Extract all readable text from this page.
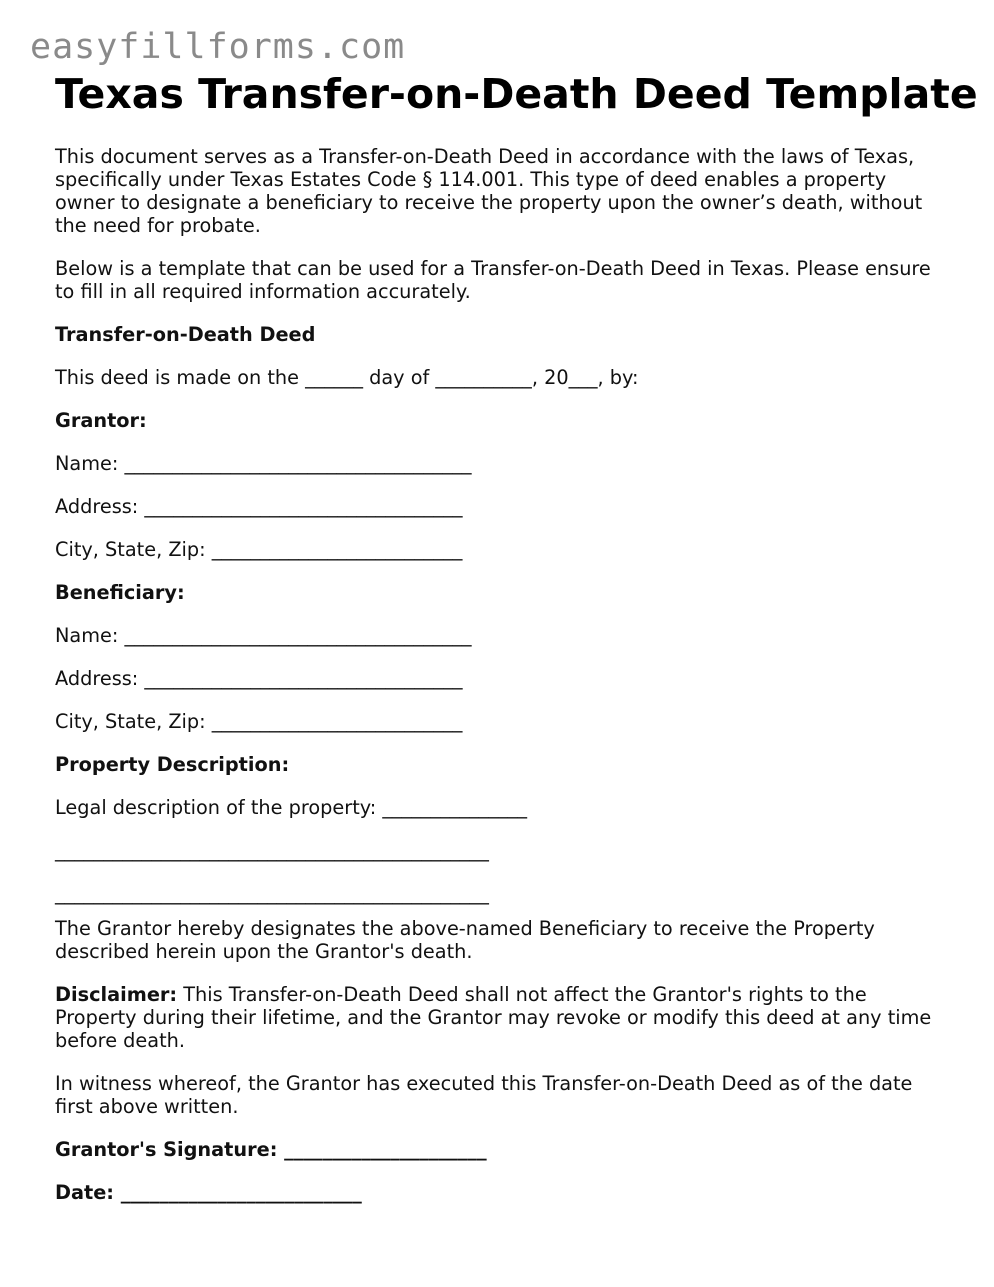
easyfillforms.com
Texas Transfer-on-Death Deed Template

This document serves as a Transfer-on-Death Deed in accordance with the laws of Texas, specifically under Texas Estates Code § 114.001. This type of deed enables a property owner to designate a beneficiary to receive the property upon the owner’s death, without the need for probate.

Below is a template that can be used for a Transfer-on-Death Deed in Texas. Please ensure to fill in all required information accurately.

Transfer-on-Death Deed
This deed is made on the ______ day of __________, 20___, by:
Grantor:
Name: ____________________________________
Address: _________________________________
City, State, Zip: __________________________
Beneficiary:
Name: ____________________________________
Address: _________________________________
City, State, Zip: __________________________
Property Description:
Legal description of the property: _______________
_____________________________________________
_____________________________________________

The Grantor hereby designates the above-named Beneficiary to receive the Property described herein upon the Grantor's death.

Disclaimer: This Transfer-on-Death Deed shall not affect the Grantor's rights to the Property during their lifetime, and the Grantor may revoke or modify this deed at any time before death.

In witness whereof, the Grantor has executed this Transfer-on-Death Deed as of the date first above written.

Grantor's Signature: _____________________
Date: _________________________
